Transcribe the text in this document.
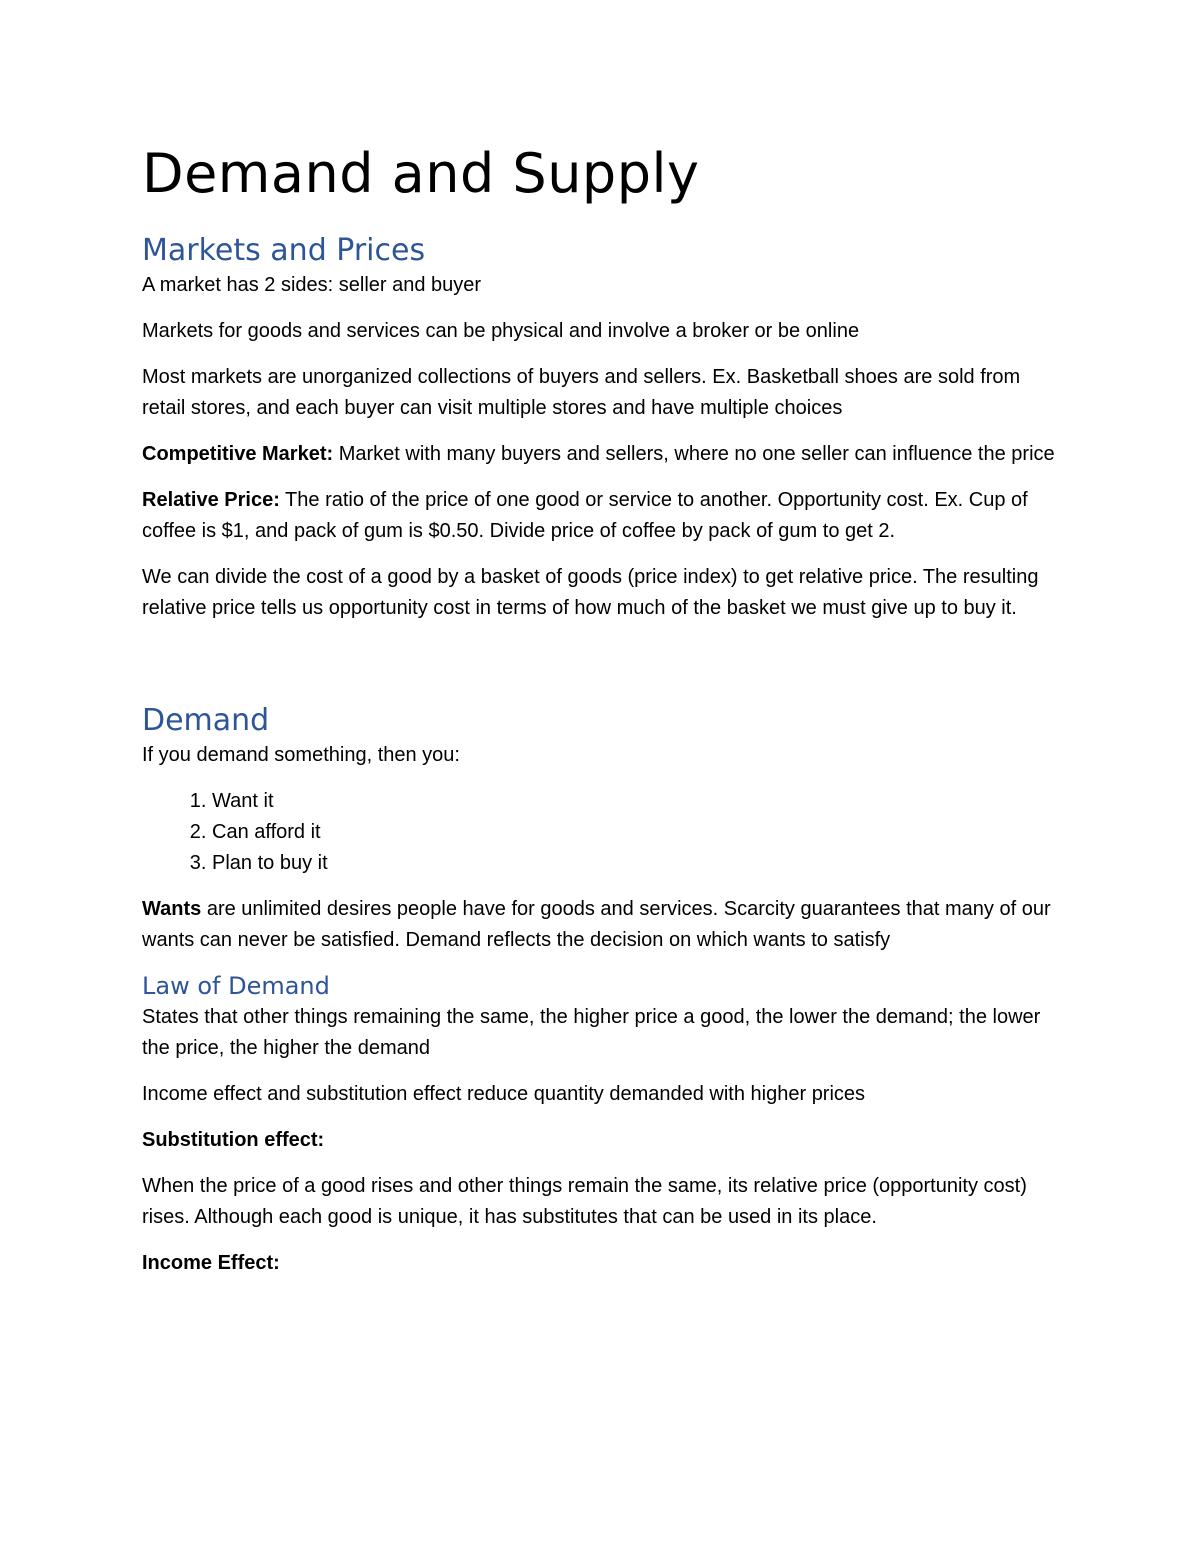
Demand and Supply
Markets and Prices

A market has 2 sides: seller and buyer

Markets for goods and services can be physical and involve a broker or be online

Most markets are unorganized collections of buyers and sellers. Ex. Basketball shoes are sold from retail stores, and each buyer can visit multiple stores and have multiple choices

Competitive Market: Market with many buyers and sellers, where no one seller can influence the price

Relative Price: The ratio of the price of one good or service to another. Opportunity cost. Ex. Cup of coffee is $1, and pack of gum is $0.50. Divide price of coffee by pack of gum to get 2.

We can divide the cost of a good by a basket of goods (price index) to get relative price. The resulting relative price tells us opportunity cost in terms of how much of the basket we must give up to buy it.

Demand

If you demand something, then you:

1. Want it
2. Can afford it
3. Plan to buy it

Wants are unlimited desires people have for goods and services. Scarcity guarantees that many of our wants can never be satisfied. Demand reflects the decision on which wants to satisfy

Law of Demand

States that other things remaining the same, the higher price a good, the lower the demand; the lower the price, the higher the demand

Income effect and substitution effect reduce quantity demanded with higher prices

Substitution effect:

When the price of a good rises and other things remain the same, its relative price (opportunity cost) rises. Although each good is unique, it has substitutes that can be used in its place.

Income Effect:
